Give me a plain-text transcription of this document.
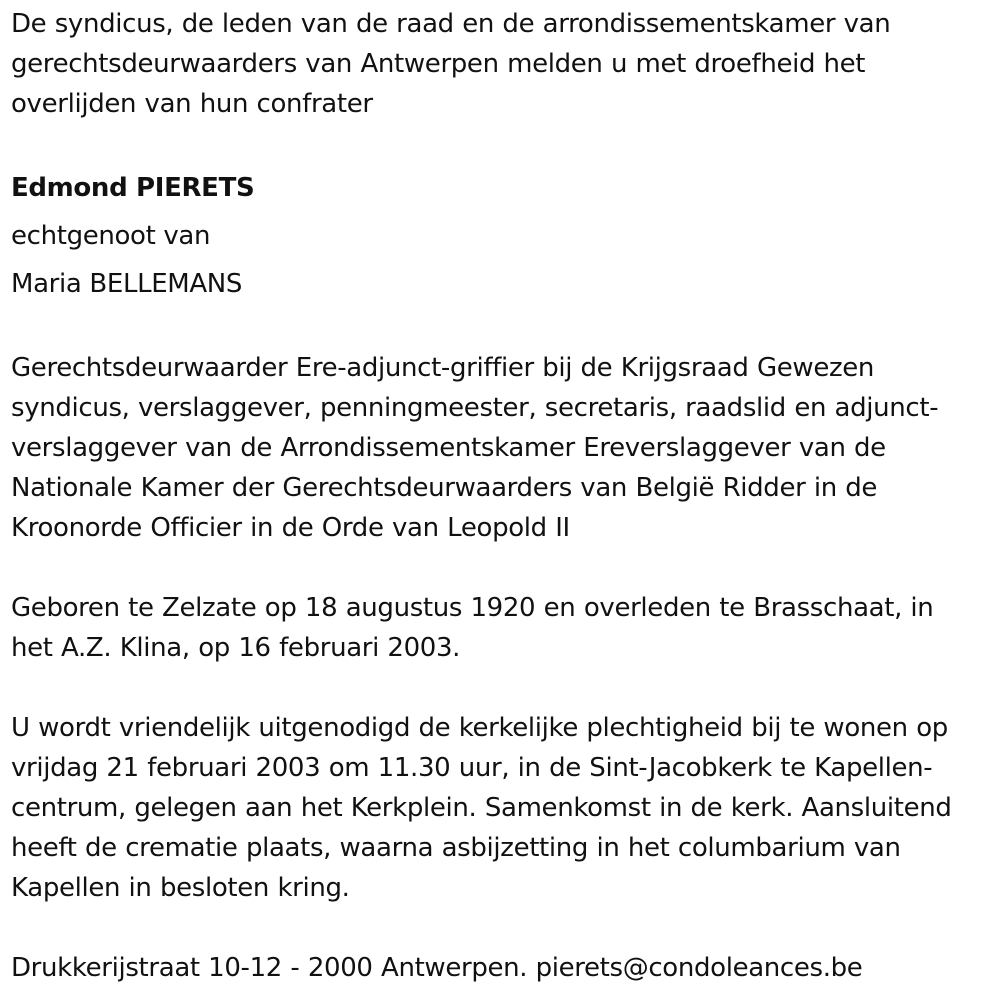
De syndicus, de leden van de raad en de arrondissementskamer van
gerechtsdeurwaarders van Antwerpen melden u met droefheid het
overlijden van hun confrater

Edmond PIERETS
echtgenoot van
Maria BELLEMANS

Gerechtsdeurwaarder Ere-adjunct-griffier bij de Krijgsraad Gewezen
syndicus, verslaggever, penningmeester, secretaris, raadslid en adjunct-
verslaggever van de Arrondissementskamer Ereverslaggever van de
Nationale Kamer der Gerechtsdeurwaarders van België Ridder in de
Kroonorde Officier in de Orde van Leopold II

Geboren te Zelzate op 18 augustus 1920 en overleden te Brasschaat, in
het A.Z. Klina, op 16 februari 2003.

U wordt vriendelijk uitgenodigd de kerkelijke plechtigheid bij te wonen op
vrijdag 21 februari 2003 om 11.30 uur, in de Sint-Jacobkerk te Kapellen-
centrum, gelegen aan het Kerkplein. Samenkomst in de kerk. Aansluitend
heeft de crematie plaats, waarna asbijzetting in het columbarium van
Kapellen in besloten kring.

Drukkerijstraat 10-12 - 2000 Antwerpen. pierets@condoleances.be
